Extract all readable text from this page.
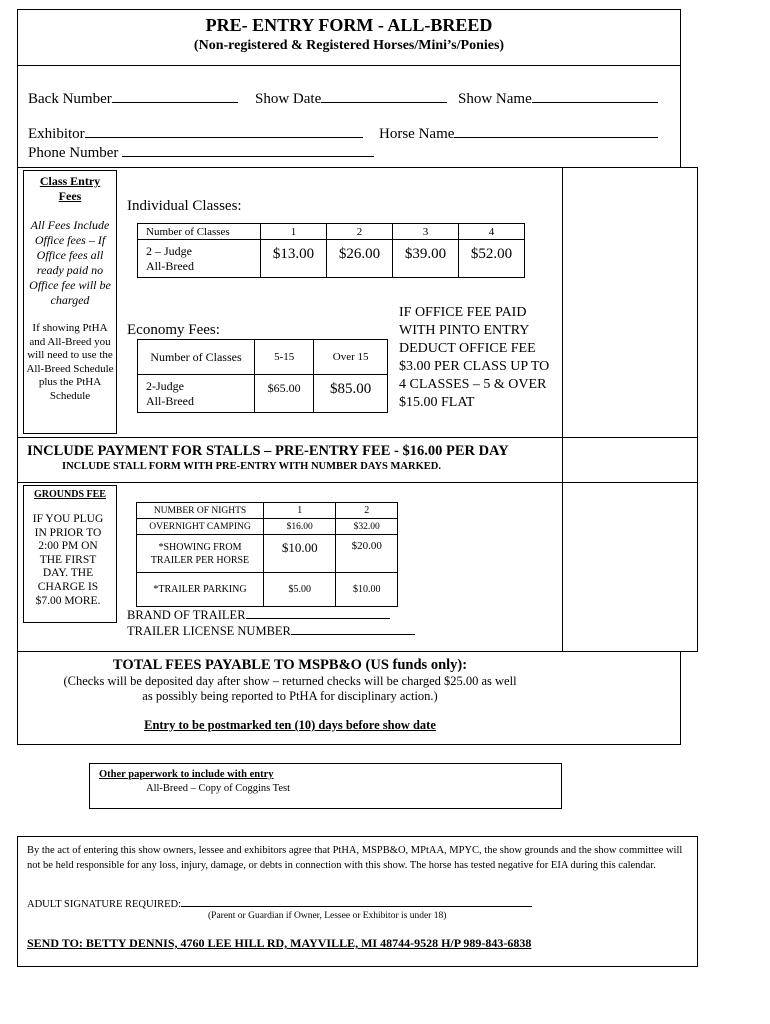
PRE- ENTRY FORM - ALL-BREED
(Non-registered & Registered Horses/Mini’s/Ponies)
Back Number	Show Date	Show Name
Exhibitor	Horse Name
Phone Number
Class Entry Fees
All Fees Include Office fees – If Office fees all ready paid no Office fee will be charged
If showing PtHA and All-Breed you will need to use the All-Breed Schedule plus the PtHA Schedule
Individual Classes:
Number of Classes	1	2	3	4
2 – Judge
All-Breed	$13.00	$26.00	$39.00	$52.00
Economy Fees:
Number of Classes	5-15	Over 15
2-Judge
All-Breed	$65.00	$85.00
IF OFFICE FEE PAID WITH PINTO ENTRY DEDUCT OFFICE FEE $3.00 PER CLASS UP TO 4 CLASSES – 5 & OVER $15.00 FLAT
INCLUDE PAYMENT FOR STALLS – PRE-ENTRY FEE - $16.00 PER DAY
INCLUDE STALL FORM WITH PRE-ENTRY WITH NUMBER DAYS MARKED.
GROUNDS FEE
IF YOU PLUG IN PRIOR TO 2:00 PM ON THE FIRST DAY. THE CHARGE IS $7.00 MORE.
NUMBER OF NIGHTS	1	2
OVERNIGHT CAMPING	$16.00	$32.00
*SHOWING FROM TRAILER PER HORSE	$10.00	$20.00
*TRAILER PARKING	$5.00	$10.00
BRAND OF TRAILER
TRAILER LICENSE NUMBER
TOTAL FEES PAYABLE TO MSPB&O (US funds only):
(Checks will be deposited day after show – returned checks will be charged $25.00 as well
as possibly being reported to PtHA for disciplinary action.)
Entry to be postmarked ten (10) days before show date
Other paperwork to include with entry
All-Breed – Copy of Coggins Test
By the act of entering this show owners, lessee and exhibitors agree that PtHA, MSPB&O, MPtAA, MPYC, the show grounds and the show committee will not be held responsible for any loss, injury, damage, or debts in connection with this show. The horse has tested negative for EIA during this calendar.
ADULT SIGNATURE REQUIRED:
(Parent or Guardian if Owner, Lessee or Exhibitor is under 18)
SEND TO: BETTY DENNIS, 4760 LEE HILL RD, MAYVILLE, MI 48744-9528 H/P 989-843-6838
